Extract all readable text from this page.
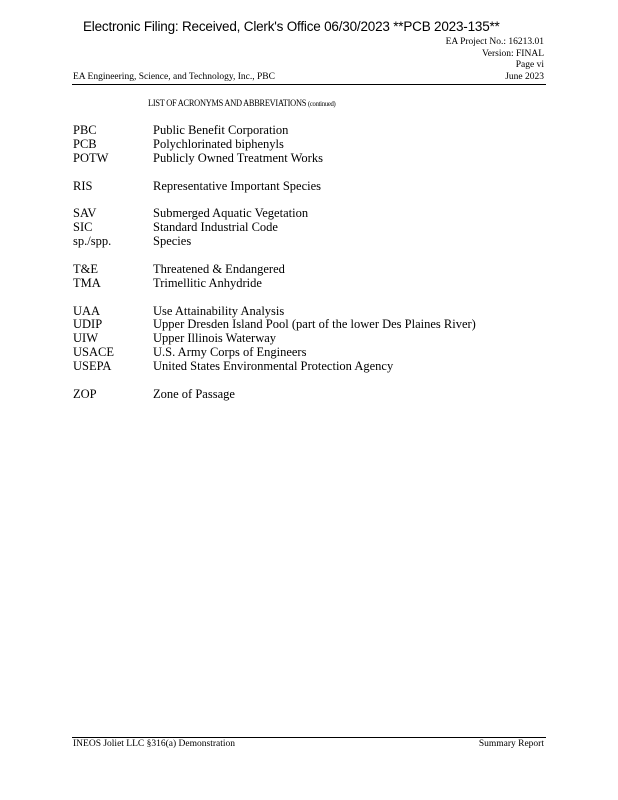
Electronic Filing: Received, Clerk's Office 06/30/2023 **PCB 2023-135**
EA Project No.: 16213.01
Version: FINAL
Page vi
June 2023
EA Engineering, Science, and Technology, Inc., PBC
LIST OF ACRONYMS AND ABBREVIATIONS (continued)
PBC	Public Benefit Corporation
PCB	Polychlorinated biphenyls
POTW	Publicly Owned Treatment Works
RIS	Representative Important Species
SAV	Submerged Aquatic Vegetation
SIC	Standard Industrial Code
sp./spp.	Species
T&E	Threatened & Endangered
TMA	Trimellitic Anhydride
UAA	Use Attainability Analysis
UDIP	Upper Dresden Island Pool (part of the lower Des Plaines River)
UIW	Upper Illinois Waterway
USACE	U.S. Army Corps of Engineers
USEPA	United States Environmental Protection Agency
ZOP	Zone of Passage
INEOS Joliet LLC §316(a) Demonstration	Summary Report
